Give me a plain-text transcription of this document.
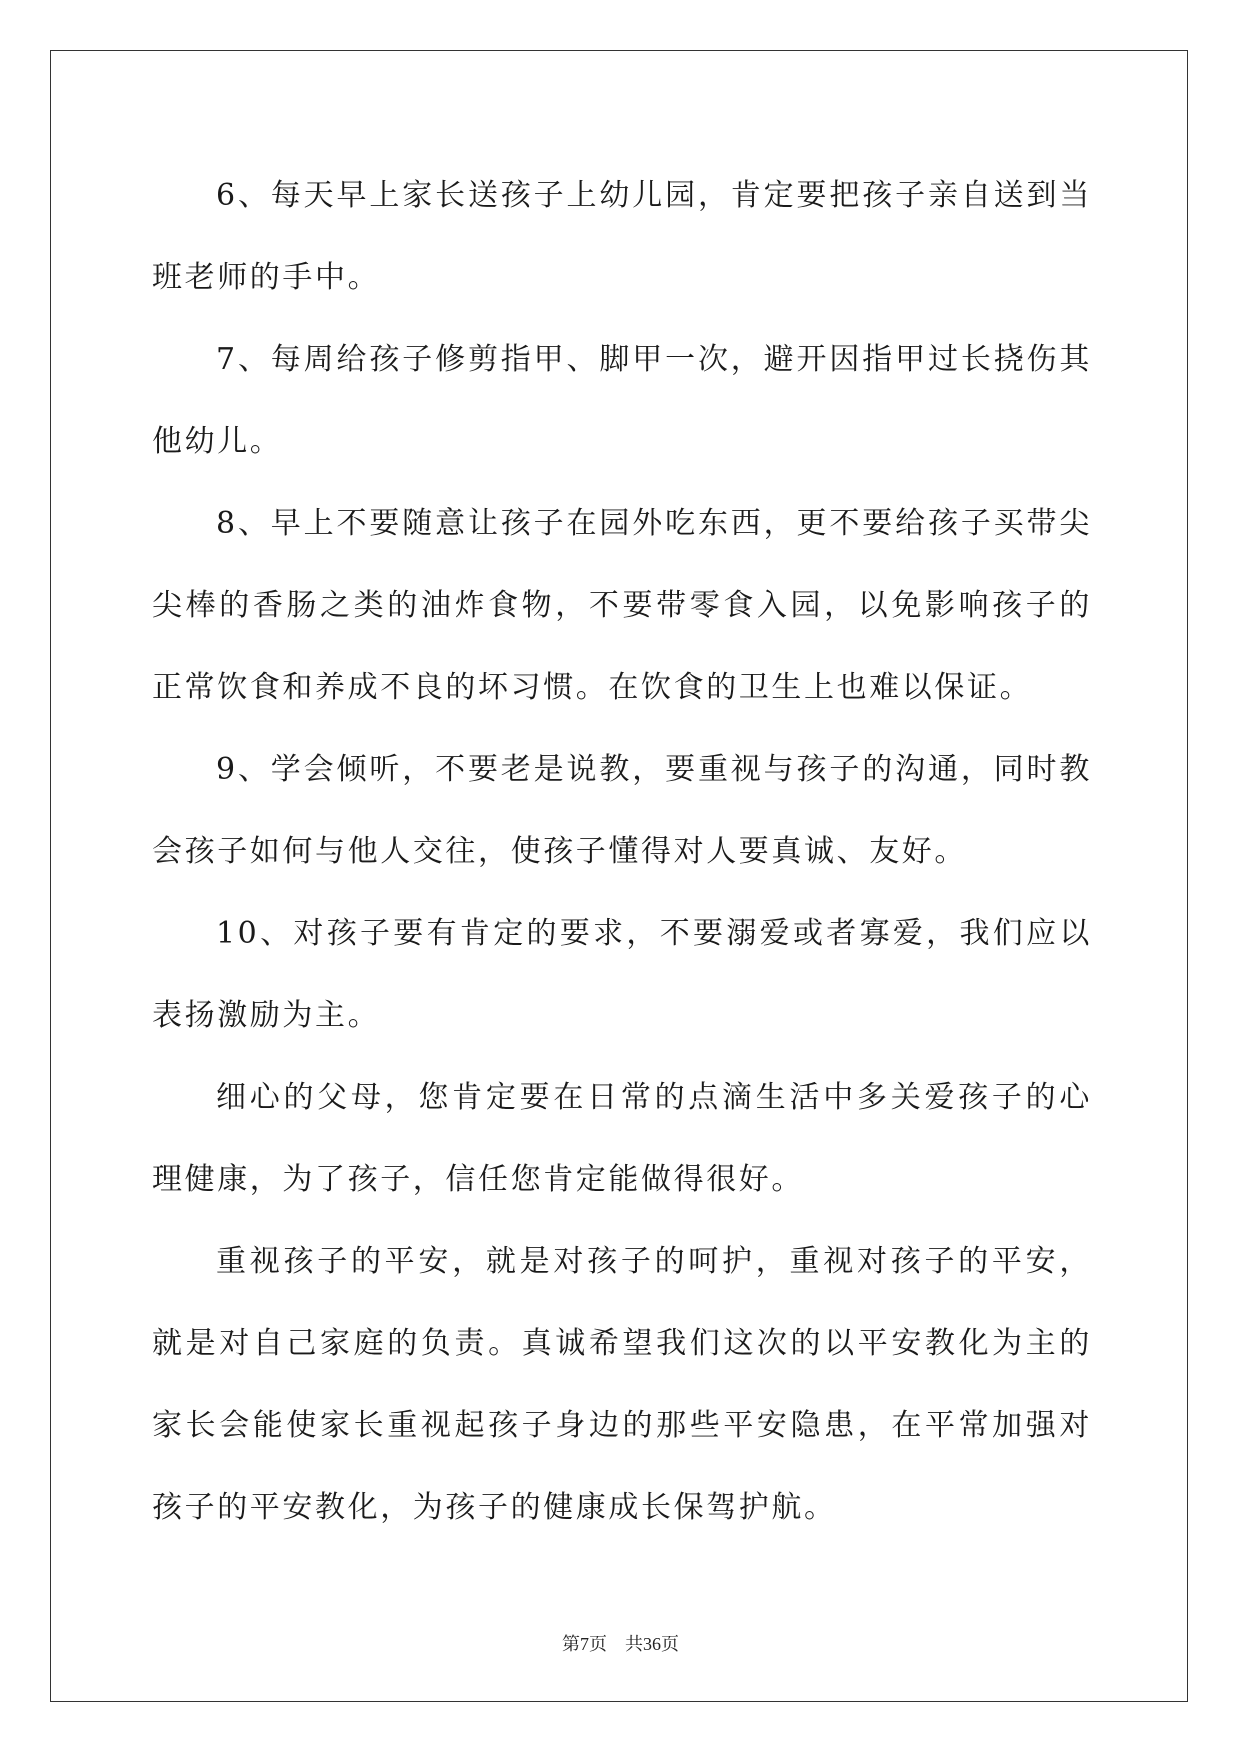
6、每天早上家长送孩子上幼儿园，肯定要把孩子亲自送到当班老师的手中。

7、每周给孩子修剪指甲、脚甲一次，避开因指甲过长挠伤其他幼儿。

8、早上不要随意让孩子在园外吃东西，更不要给孩子买带尖尖棒的香肠之类的油炸食物，不要带零食入园，以免影响孩子的正常饮食和养成不良的坏习惯。在饮食的卫生上也难以保证。

9、学会倾听，不要老是说教，要重视与孩子的沟通，同时教会孩子如何与他人交往，使孩子懂得对人要真诚、友好。

10、对孩子要有肯定的要求，不要溺爱或者寡爱，我们应以表扬激励为主。

细心的父母，您肯定要在日常的点滴生活中多关爱孩子的心理健康，为了孩子，信任您肯定能做得很好。

重视孩子的平安，就是对孩子的呵护，重视对孩子的平安，就是对自己家庭的负责。真诚希望我们这次的以平安教化为主的家长会能使家长重视起孩子身边的那些平安隐患，在平常加强对孩子的平安教化，为孩子的健康成长保驾护航。

第7页 共36页
